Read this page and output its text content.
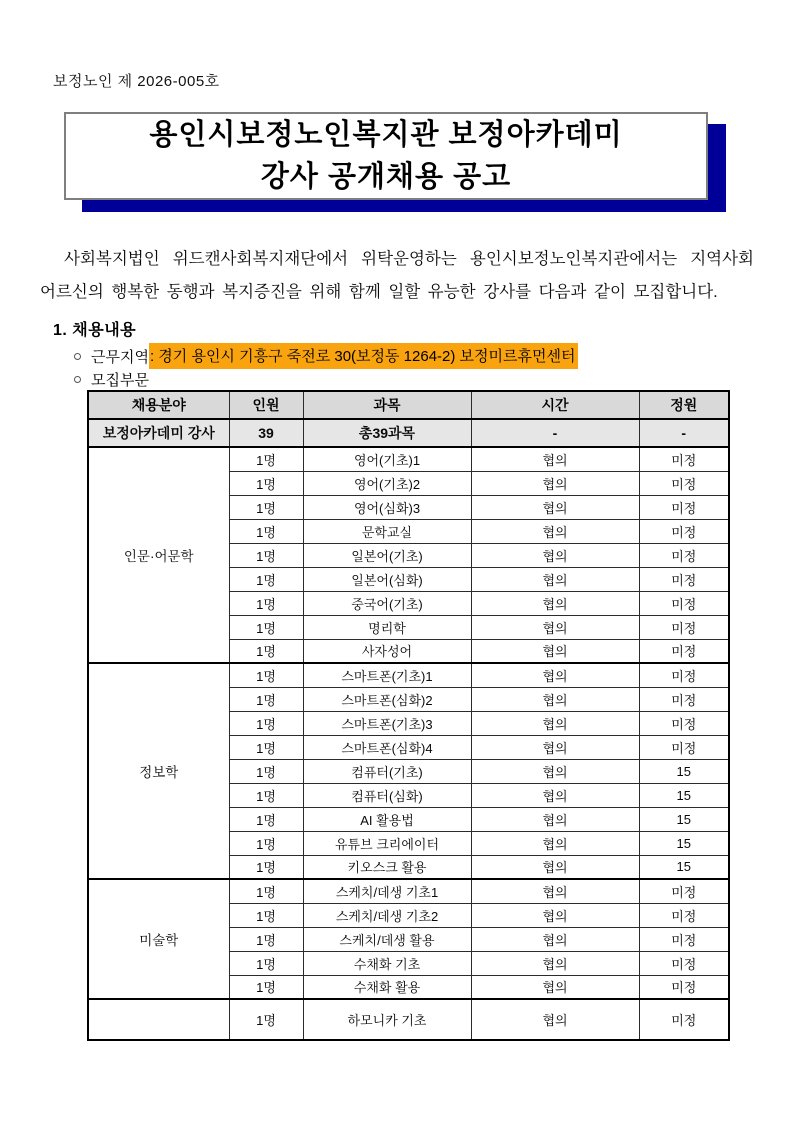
보정노인 제 2026-005호
용인시보정노인복지관 보정아카데미
강사 공개채용 공고

사회복지법인 위드캔사회복지재단에서 위탁운영하는 용인시보정노인복지관에서는 지역사회 어르신의 행복한 동행과 복지증진을 위해 함께 일할 유능한 강사를 다음과 같이 모집합니다.

1. 채용내용
근무지역 : 경기 용인시 기흥구 죽전로 30(보정동 1264-2) 보정미르휴먼센터
모집부문
채용분야	인원	과목	시간	정원
보정아카데미 강사	39	총39과목	-	-
인문·어문학	1명	영어(기초)1	협의	미정
	1명	영어(기초)2	협의	미정
	1명	영어(심화)3	협의	미정
	1명	문학교실	협의	미정
	1명	일본어(기초)	협의	미정
	1명	일본어(심화)	협의	미정
	1명	중국어(기초)	협의	미정
	1명	명리학	협의	미정
	1명	사자성어	협의	미정
정보학	1명	스마트폰(기초)1	협의	미정
	1명	스마트폰(심화)2	협의	미정
	1명	스마트폰(기초)3	협의	미정
	1명	스마트폰(심화)4	협의	미정
	1명	컴퓨터(기초)	협의	15
	1명	컴퓨터(심화)	협의	15
	1명	AI 활용법	협의	15
	1명	유튜브 크리에이터	협의	15
	1명	키오스크 활용	협의	15
미술학	1명	스케치/데생 기초1	협의	미정
	1명	스케치/데생 기초2	협의	미정
	1명	스케치/데생 활용	협의	미정
	1명	수채화 기초	협의	미정
	1명	수채화 활용	협의	미정
	1명	하모니카 기초	협의	미정
